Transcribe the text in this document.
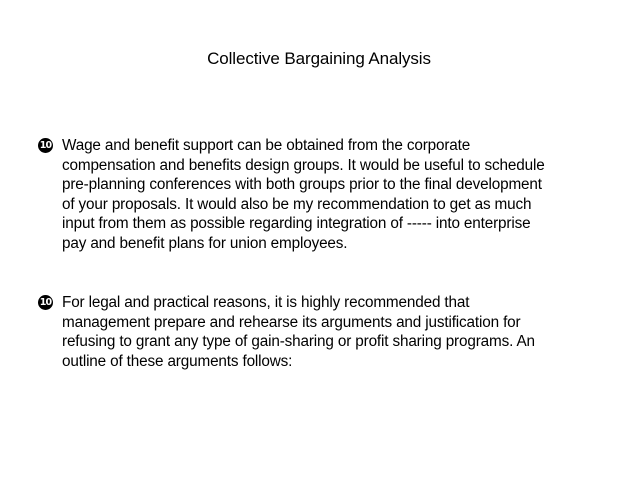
Collective Bargaining Analysis
10 Wage and benefit support can be obtained from the corporate
compensation and benefits design groups. It would be useful to schedule
pre-planning conferences with both groups prior to the final development
of your proposals. It would also be my recommendation to get as much
input from them as possible regarding integration of ----- into enterprise
pay and benefit plans for union employees.
10 For legal and practical reasons, it is highly recommended that
management prepare and rehearse its arguments and justification for
refusing to grant any type of gain-sharing or profit sharing programs. An
outline of these arguments follows:
